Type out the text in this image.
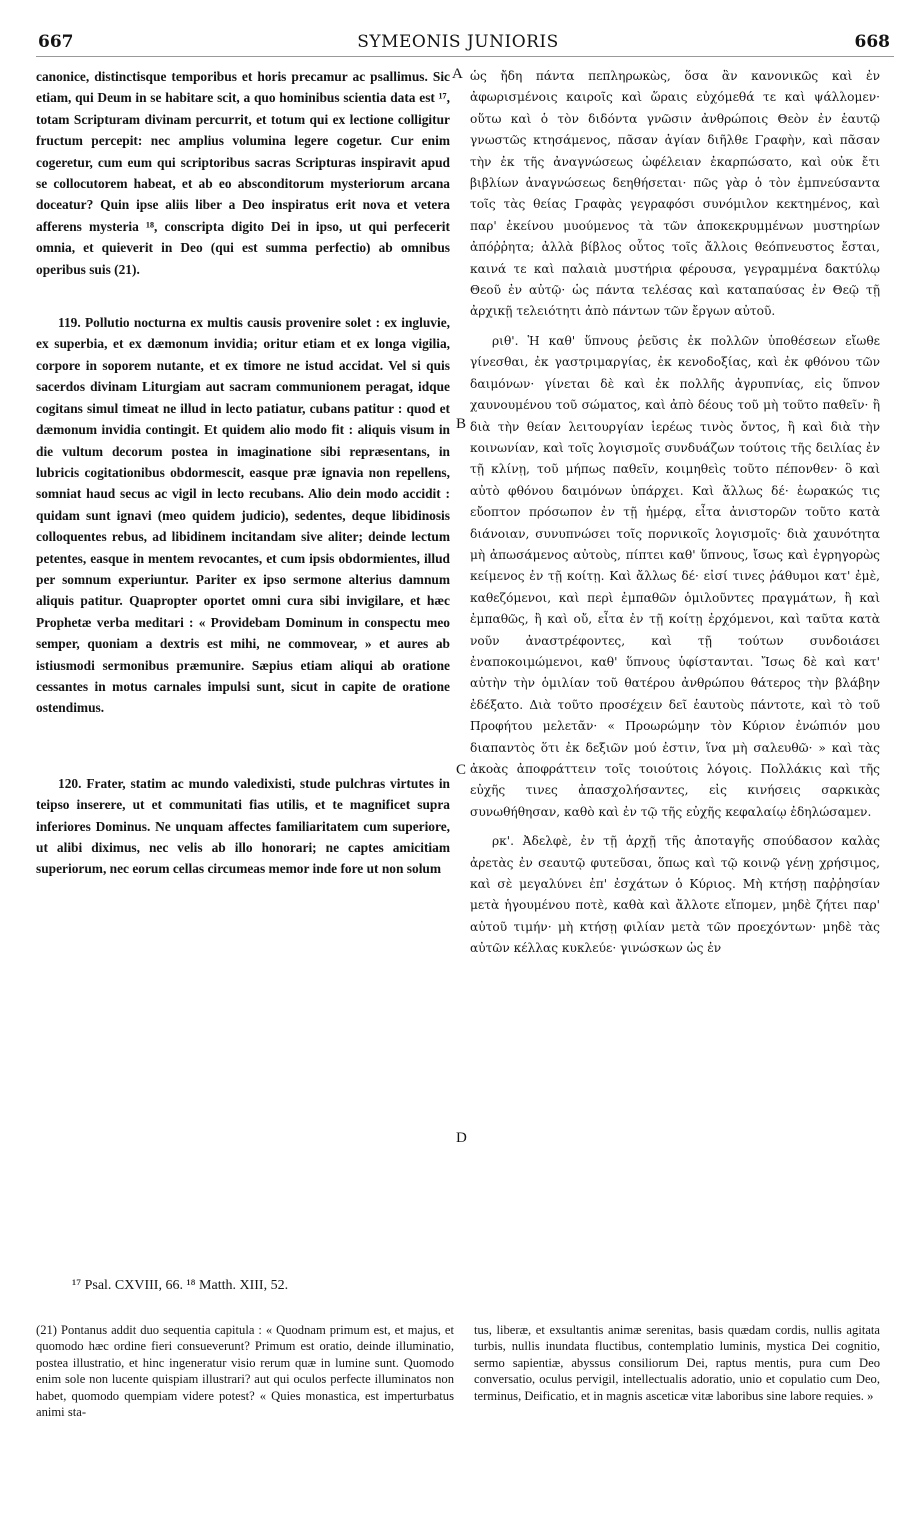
667	SYMEONIS JUNIORIS	668
A
B
C
D

canonice, distinctisque temporibus et horis precamur ac psallimus. Sic etiam, qui Deum in se habitare scit, a quo hominibus scientia data est ¹⁷, totam Scripturam divinam percurrit, et totum qui ex lectione colligitur fructum percepit: nec amplius volumina legere cogetur. Cur enim cogeretur, cum eum qui scriptoribus sacras Scripturas inspiravit apud se collocutorem habeat, et ab eo absconditorum mysteriorum arcana doceatur? Quin ipse aliis liber a Deo inspiratus erit nova et vetera afferens mysteria ¹⁸, conscripta digito Dei in ipso, ut qui perfecerit omnia, et quieverit in Deo (qui est summa perfectio) ab omnibus operibus suis (21).

119. Pollutio nocturna ex multis causis provenire solet : ex ingluvie, ex superbia, et ex dæmonum invidia; oritur etiam et ex longa vigilia, corpore in soporem nutante, et ex timore ne istud accidat. Vel si quis sacerdos divinam Liturgiam aut sacram communionem peragat, idque cogitans simul timeat ne illud in lecto patiatur, cubans patitur : quod et dæmonum invidia contingit. Et quidem alio modo fit : aliquis visum in die vultum decorum postea in imaginatione sibi repræsentans, in lubricis cogitationibus obdormescit, easque præ ignavia non repellens, somniat haud secus ac vigil in lecto recubans. Alio dein modo accidit : quidam sunt ignavi (meo quidem judicio), sedentes, deque libidinosis colloquentes rebus, ad libidinem incitandam sive aliter; deinde lectum petentes, easque in mentem revocantes, et cum ipsis obdormientes, illud per somnum experiuntur. Pariter ex ipso sermone alterius damnum aliquis patitur. Quapropter oportet omni cura sibi invigilare, et hæc Prophetæ verba meditari : « Providebam Dominum in conspectu meo semper, quoniam a dextris est mihi, ne commovear, » et aures ab istiusmodi sermonibus præmunire. Sæpius etiam aliqui ab oratione cessantes in motus carnales impulsi sunt, sicut in capite de oratione ostendimus.

120. Frater, statim ac mundo valedixisti, stude pulchras virtutes in teipso inserere, ut et communitati fias utilis, et te magnificet supra inferiores Dominus. Ne unquam affectes familiaritatem cum superiore, ut alibi diximus, nec velis ab illo honorari; ne captes amicitiam superiorum, nec eorum cellas circumeas memor inde fore ut non solum

ὡς ἤδη πάντα πεπληρωκὼς, ὅσα ἂν κανονικῶς καὶ ἐν ἀφωρισμένοις καιροῖς καὶ ὥραις εὐχόμεθά τε καὶ ψάλλομεν· οὕτω καὶ ὁ τὸν διδόντα γνῶσιν ἀνθρώποις Θεὸν ἐν ἑαυτῷ γνωστῶς κτησάμενος, πᾶσαν ἁγίαν διῆλθε Γραφὴν, καὶ πᾶσαν τὴν ἐκ τῆς ἀναγνώσεως ὠφέλειαν ἐκαρπώσατο, καὶ οὐκ ἔτι βιβλίων ἀναγνώσεως δεηθήσεται· πῶς γὰρ ὁ τὸν ἐμπνεύσαντα τοῖς τὰς θείας Γραφὰς γεγραφόσι συνόμιλον κεκτημένος, καὶ παρ' ἐκείνου μυούμενος τὰ τῶν ἀποκεκρυμμένων μυστηρίων ἀπόῤῥητα; ἀλλὰ βίβλος οὗτος τοῖς ἄλλοις θεόπνευστος ἔσται, καινά τε καὶ παλαιὰ μυστήρια φέρουσα, γεγραμμένα δακτύλῳ Θεοῦ ἐν αὐτῷ· ὡς πάντα τελέσας καὶ καταπαύσας ἐν Θεῷ τῇ ἀρχικῇ τελειότητι ἀπὸ πάντων τῶν ἔργων αὐτοῦ.

ριθ'. Ἡ καθ' ὕπνους ῥεῦσις ἐκ πολλῶν ὑποθέσεων εἴωθε γίνεσθαι, ἐκ γαστριμαργίας, ἐκ κενοδοξίας, καὶ ἐκ φθόνου τῶν δαιμόνων· γίνεται δὲ καὶ ἐκ πολλῆς ἀγρυπνίας, εἰς ὕπνον χαυνουμένου τοῦ σώματος, καὶ ἀπὸ δέους τοῦ μὴ τοῦτο παθεῖν· ἢ διὰ τὴν θείαν λειτουργίαν ἱερέως τινὸς ὄντος, ἢ καὶ διὰ τὴν κοινωνίαν, καὶ τοῖς λογισμοῖς συνδυάζων τούτοις τῆς δειλίας ἐν τῇ κλίνῃ, τοῦ μήπως παθεῖν, κοιμηθεὶς τοῦτο πέπονθεν· ὃ καὶ αὐτὸ φθόνου δαιμόνων ὑπάρχει. Καὶ ἄλλως δέ· ἑωρακώς τις εὔοπτον πρόσωπον ἐν τῇ ἡμέρᾳ, εἶτα ἀνιστορῶν τοῦτο κατὰ διάνοιαν, συνυπνώσει τοῖς πορνικοῖς λογισμοῖς· διὰ χαυνότητα μὴ ἀπωσάμενος αὐτοὺς, πίπτει καθ' ὕπνους, ἴσως καὶ ἐγρηγορὼς κείμενος ἐν τῇ κοίτῃ. Καὶ ἄλλως δέ· εἰσί τινες ῥάθυμοι κατ' ἐμὲ, καθεζόμενοι, καὶ περὶ ἐμπαθῶν ὁμιλοῦντες πραγμάτων, ἢ καὶ ἐμπαθῶς, ἢ καὶ οὔ, εἶτα ἐν τῇ κοίτῃ ἐρχόμενοι, καὶ ταῦτα κατὰ νοῦν ἀναστρέφοντες, καὶ τῇ τούτων συνδοιάσει ἐναποκοιμώμενοι, καθ' ὕπνους ὑφίστανται. Ἴσως δὲ καὶ κατ' αὐτὴν τὴν ὁμιλίαν τοῦ θατέρου ἀνθρώπου θάτερος τὴν βλάβην ἐδέξατο. Διὰ τοῦτο προσέχειν δεῖ ἑαυτοὺς πάντοτε, καὶ τὸ τοῦ Προφήτου μελετᾶν· « Προωρώμην τὸν Κύριον ἐνώπιόν μου διαπαντὸς ὅτι ἐκ δεξιῶν μού ἐστιν, ἵνα μὴ σαλευθῶ· » καὶ τὰς ἀκοὰς ἀποφράττειν τοῖς τοιούτοις λόγοις. Πολλάκις καὶ τῆς εὐχῆς τινες ἀπασχολήσαντες, εἰς κινήσεις σαρκικὰς συνωθήθησαν, καθὸ καὶ ἐν τῷ τῆς εὐχῆς κεφαλαίῳ ἐδηλώσαμεν.

ρκ'. Ἀδελφὲ, ἐν τῇ ἀρχῇ τῆς ἀποταγῆς σπούδασον καλὰς ἀρετὰς ἐν σεαυτῷ φυτεῦσαι, ὅπως καὶ τῷ κοινῷ γένῃ χρήσιμος, καὶ σὲ μεγαλύνει ἐπ' ἐσχάτων ὁ Κύριος. Μὴ κτήσῃ παῤῥησίαν μετὰ ἡγουμένου ποτὲ, καθὰ καὶ ἄλλοτε εἴπομεν, μηδὲ ζήτει παρ' αὐτοῦ τιμήν· μὴ κτήσῃ φιλίαν μετὰ τῶν προεχόντων· μηδὲ τὰς αὐτῶν κέλλας κυκλεύε· γινώσκων ὡς ἐν

¹⁷ Psal. CXVIII, 66. ¹⁸ Matth. XIII, 52.

(21) Pontanus addit duo sequentia capitula : « Quodnam primum est, et majus, et quomodo hæc ordine fieri consueverunt? Primum est oratio, deinde illuminatio, postea illustratio, et hinc ingeneratur visio rerum quæ in lumine sunt. Quomodo enim sole non lucente quispiam illustrari? aut qui oculos perfecte illuminatos non habet, quomodo quempiam videre potest? « Quies monastica, est imperturbatus animi sta-

tus, liberæ, et exsultantis animæ serenitas, basis quædam cordis, nullis agitata turbis, nullis inundata fluctibus, contemplatio luminis, mystica Dei cognitio, sermo sapientiæ, abyssus consiliorum Dei, raptus mentis, pura cum Deo conversatio, oculus pervigil, intellectualis adoratio, unio et copulatio cum Deo, terminus, Deificatio, et in magnis asceticæ vitæ laboribus sine labore requies. »
